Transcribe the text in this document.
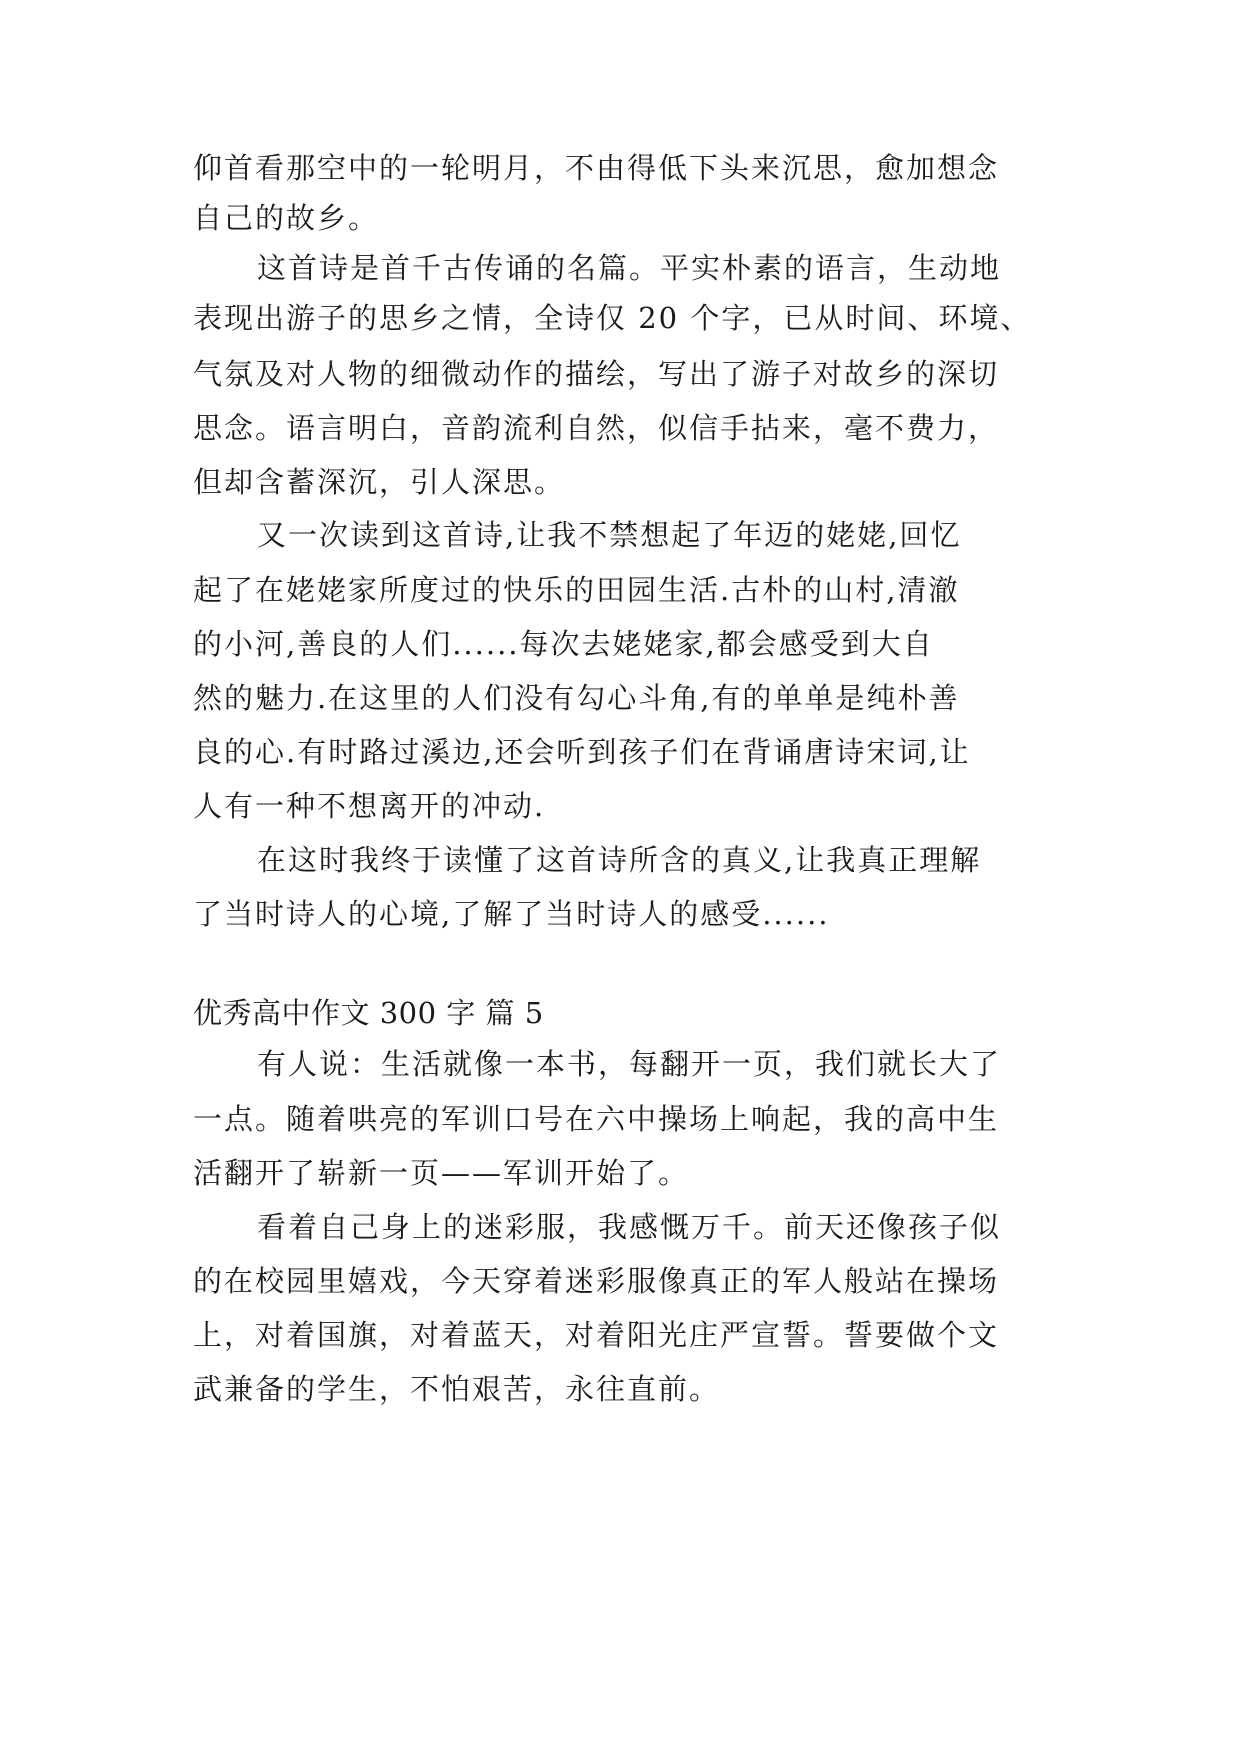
仰首看那空中的一轮明月，不由得低下头来沉思，愈加想念
自己的故乡。
这首诗是首千古传诵的名篇。平实朴素的语言，生动地
表现出游子的思乡之情，全诗仅 20 个字，已从时间、环境、
气氛及对人物的细微动作的描绘，写出了游子对故乡的深切
思念。语言明白，音韵流利自然，似信手拈来，毫不费力，
但却含蓄深沉，引人深思。
又一次读到这首诗,让我不禁想起了年迈的姥姥,回忆
起了在姥姥家所度过的快乐的田园生活.古朴的山村,清澈
的小河,善良的人们......每次去姥姥家,都会感受到大自
然的魅力.在这里的人们没有勾心斗角,有的单单是纯朴善
良的心.有时路过溪边,还会听到孩子们在背诵唐诗宋词,让
人有一种不想离开的冲动.
在这时我终于读懂了这首诗所含的真义,让我真正理解
了当时诗人的心境,了解了当时诗人的感受......
优秀高中作文 300 字 篇 5
有人说：生活就像一本书，每翻开一页，我们就长大了
一点。随着哄亮的军训口号在六中操场上响起，我的高中生
活翻开了崭新一页——军训开始了。
看着自己身上的迷彩服，我感慨万千。前天还像孩子似
的在校园里嬉戏，今天穿着迷彩服像真正的军人般站在操场
上，对着国旗，对着蓝天，对着阳光庄严宣誓。誓要做个文
武兼备的学生，不怕艰苦，永往直前。
